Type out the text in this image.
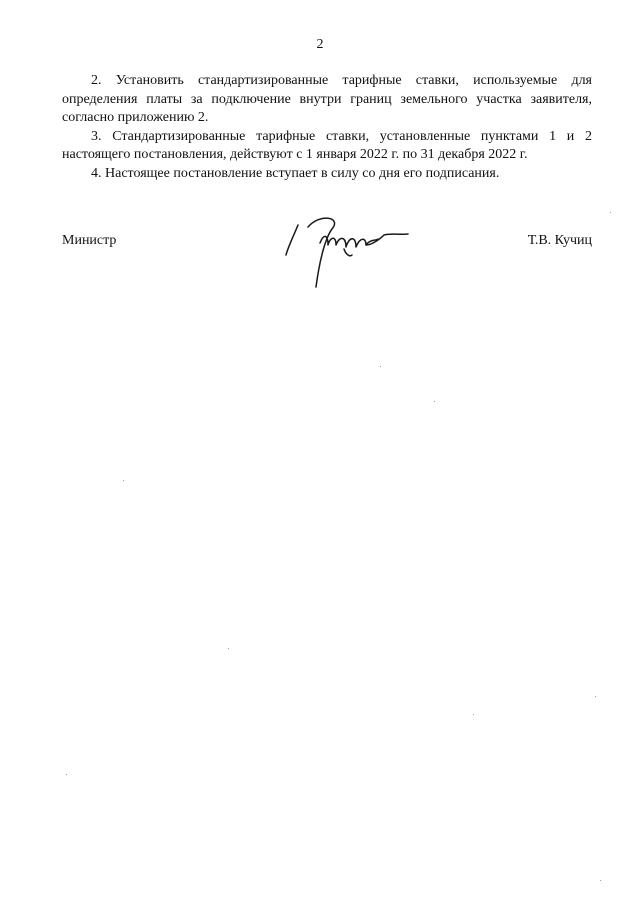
2

2. Установить стандартизированные тарифные ставки, используемые для определения платы за подключение внутри границ земельного участка заявителя, согласно приложению 2.

3. Стандартизированные тарифные ставки, установленные пунктами 1 и 2 настоящего постановления, действуют с 1 января 2022 г. по 31 декабря 2022 г.

4. Настоящее постановление вступает в силу со дня его подписания.

Министр	Т.В. Кучиц
